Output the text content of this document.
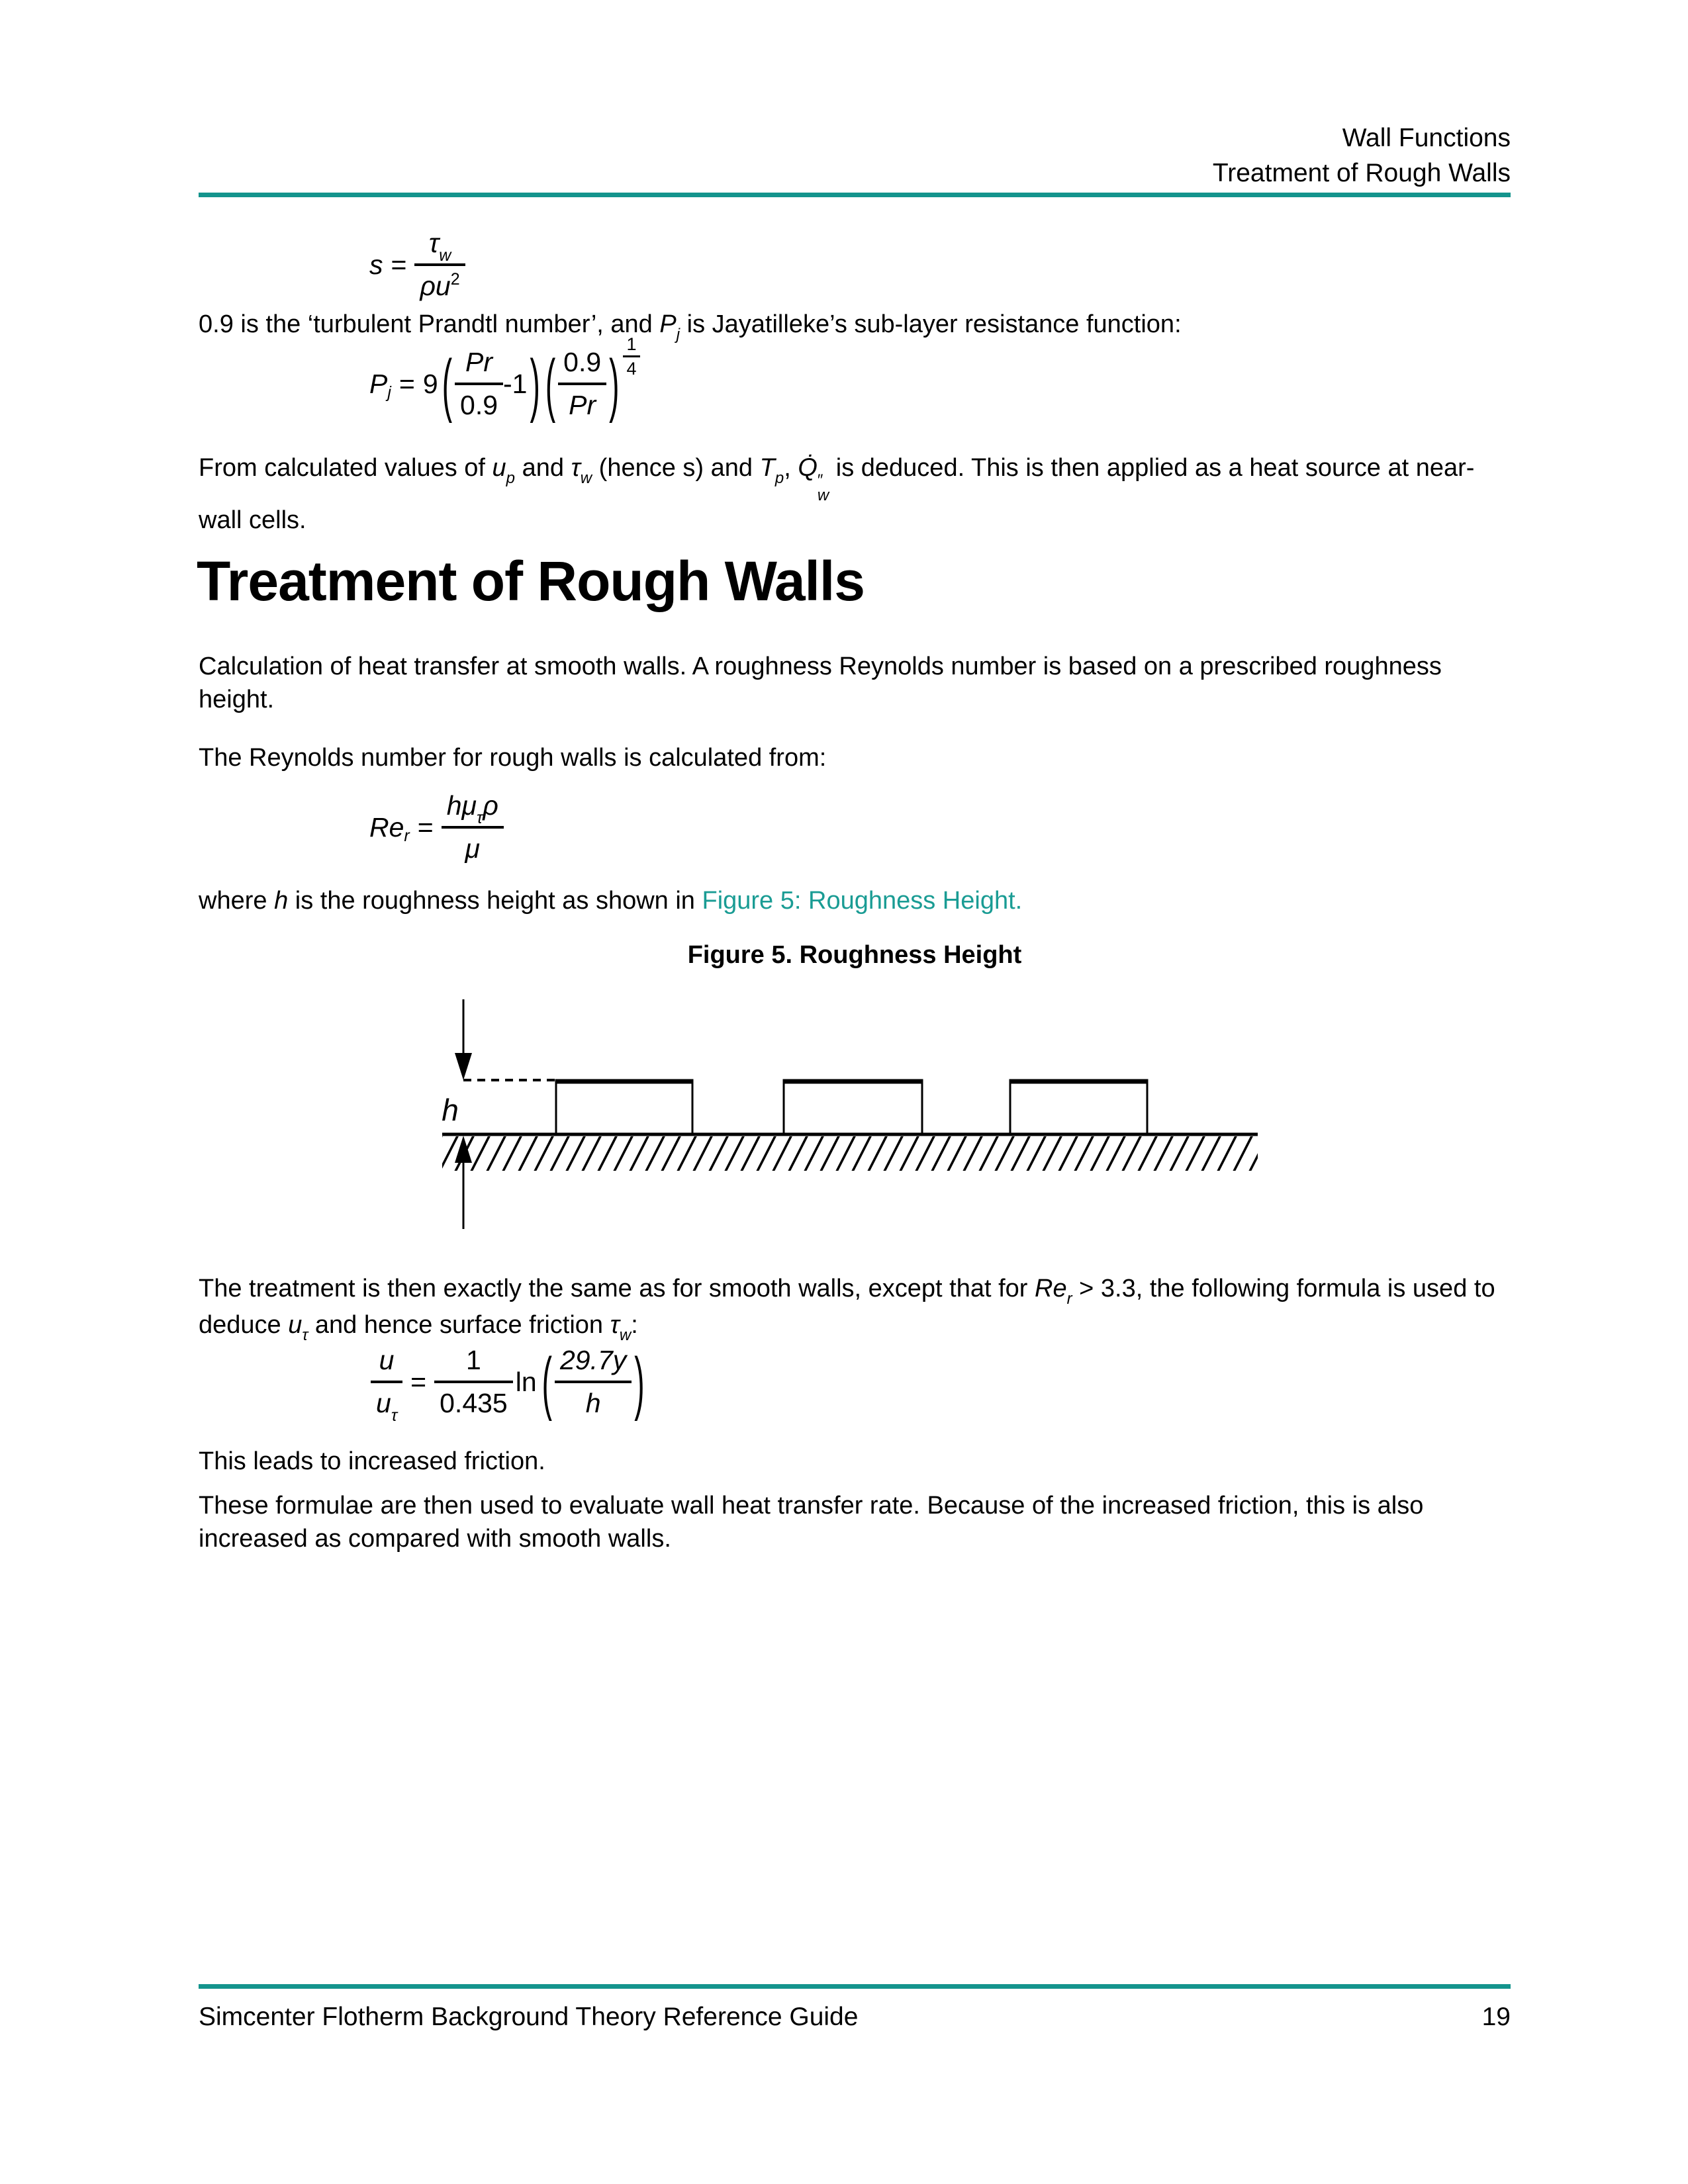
Wall Functions
Treatment of Rough Walls
$s = \frac{\tau_w}{\rho u^2}$
0.9 is the ‘turbulent Prandtl number’, and $P_j$ is Jayatilleke’s sub-layer resistance function:
P j = 9 ( $\frac{Pr}{0.9} -1$ ) ( $\frac{0.9}{Pr}$ ) $\frac{1}{4}$
From calculated values of $u_p$ and $\tau_w$ (hence s) and $T_p$, Q̇ ″
w
is deduced. This is then applied as a heat source at near-wall cells.
Treatment of Rough Walls
Calculation of heat transfer at smooth walls. A roughness Reynolds number is based on a prescribed roughness height.
The Reynolds number for rough walls is calculated from:
Re $r = \frac{h\mu_\tau\rho}{\mu}$
where h is the roughness height as shown in Figure 5: Roughness Height.
Figure 5. Roughness Height
h
The treatment is then exactly the same as for smooth walls, except that for $Re_r > 3.3$, the following formula is used to deduce $u_\tau$ and hence surface friction $\tau_w$:
$\frac{u}{u_\tau} = \frac{1}{0.435}$ ln ( $\frac{29.7y}{h}$ )
This leads to increased friction.
These formulae are then used to evaluate wall heat transfer rate. Because of the increased friction, this is also increased as compared with smooth walls.
Simcenter Flotherm Background Theory Reference Guide	19
